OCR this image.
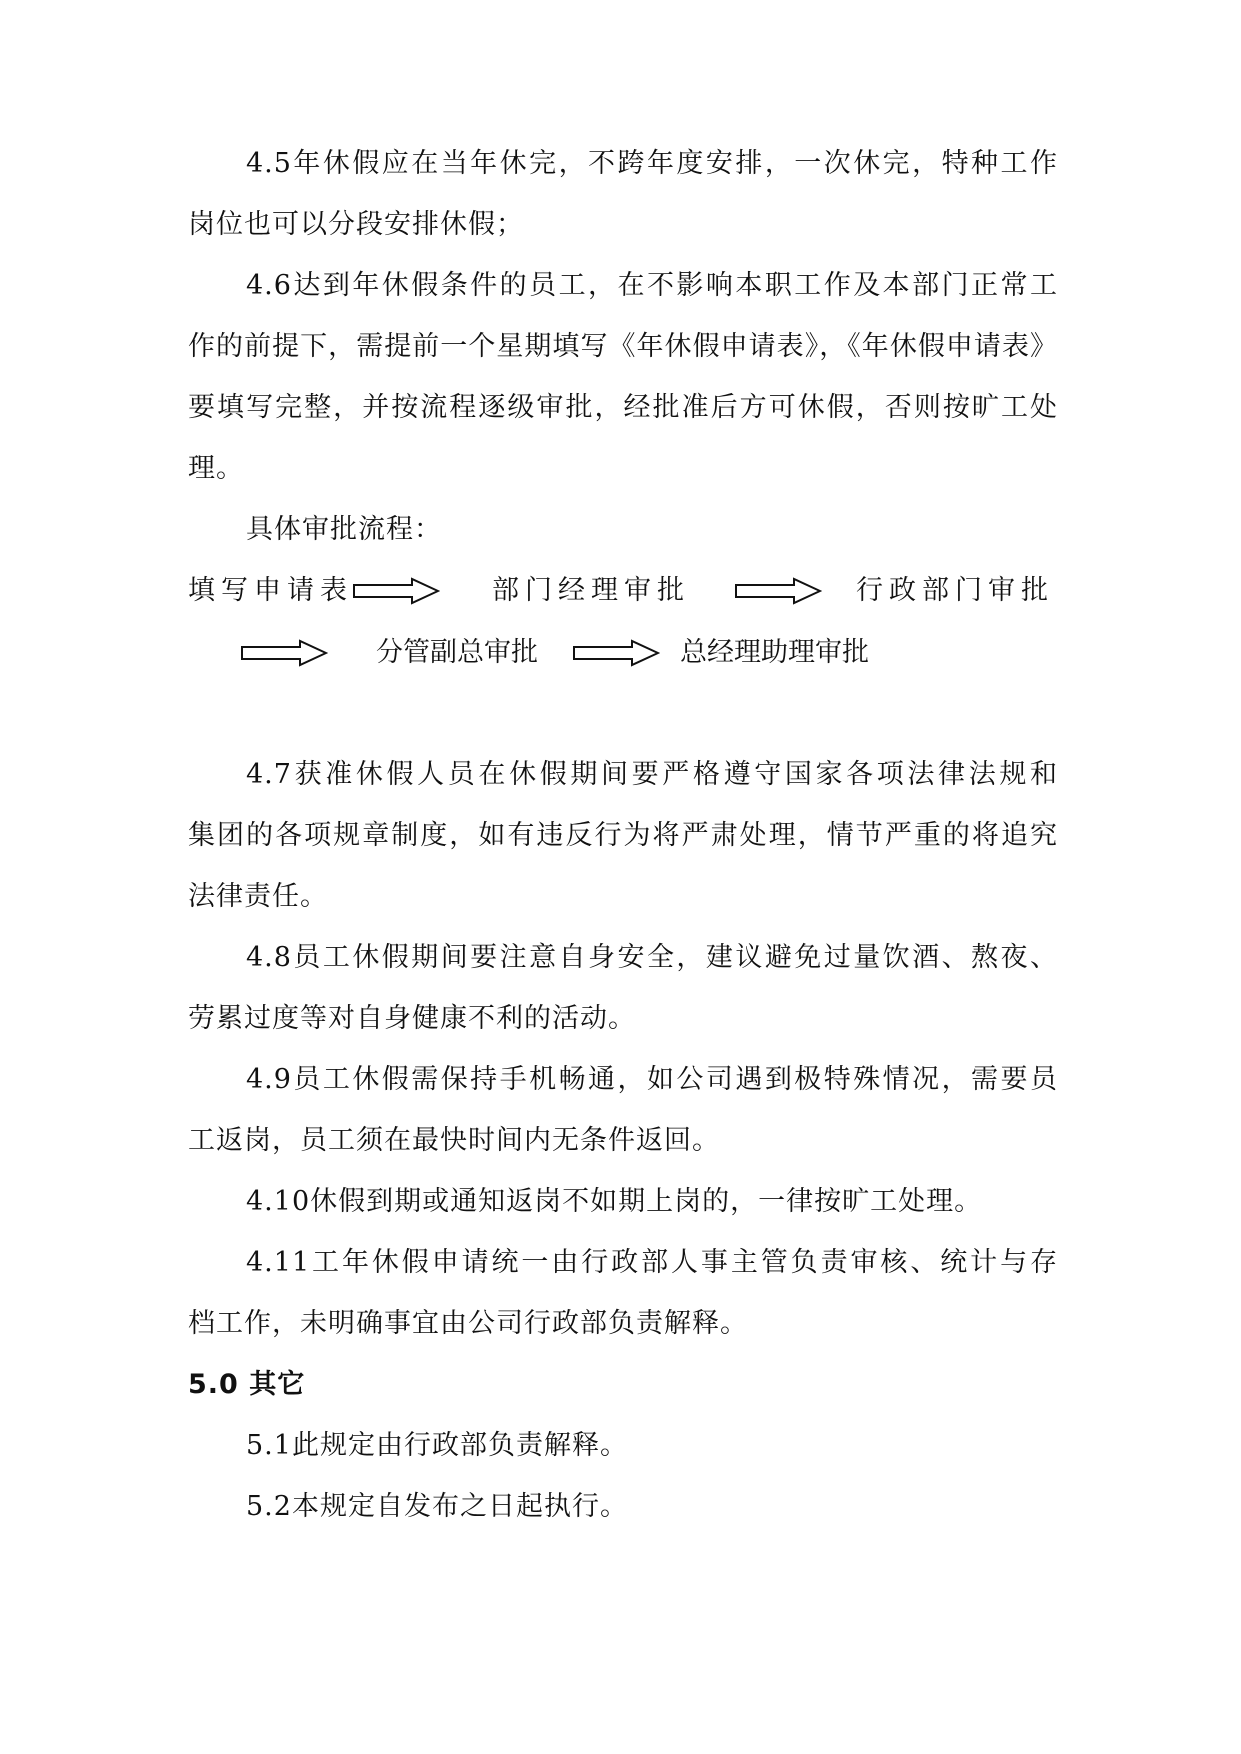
4.5年休假应在当年休完，不跨年度安排，一次休完，特种工作
岗位也可以分段安排休假；
4.6达到年休假条件的员工，在不影响本职工作及本部门正常工
作的前提下，需提前一个星期填写《年休假申请表》，《年休假申请表》
要填写完整，并按流程逐级审批，经批准后方可休假，否则按旷工处
理。
具体审批流程：
填写申请表	部门经理审批	行政部门审批
分管副总审批	总经理助理审批
4.7获准休假人员在休假期间要严格遵守国家各项法律法规和
集团的各项规章制度，如有违反行为将严肃处理，情节严重的将追究
法律责任。
4.8员工休假期间要注意自身安全，建议避免过量饮酒、熬夜、
劳累过度等对自身健康不利的活动。
4.9员工休假需保持手机畅通，如公司遇到极特殊情况，需要员
工返岗，员工须在最快时间内无条件返回。
4.10休假到期或通知返岗不如期上岗的，一律按旷工处理。
4.11工年休假申请统一由行政部人事主管负责审核、统计与存
档工作，未明确事宜由公司行政部负责解释。
5.0 其它
5.1此规定由行政部负责解释。
5.2本规定自发布之日起执行。
